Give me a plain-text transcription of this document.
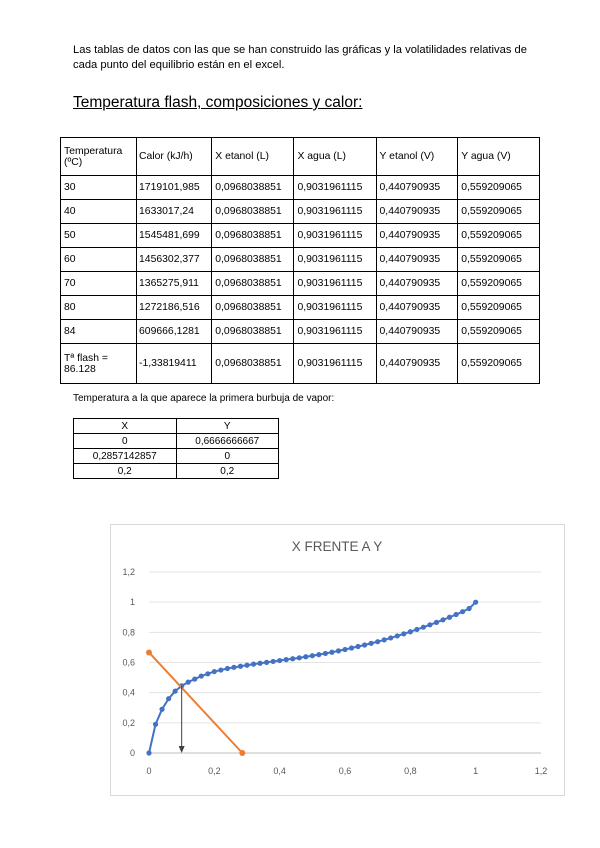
Las tablas de datos con las que se han construido las gráficas y la volatilidades relativas de cada punto del equilibrio están en el excel.

Temperatura flash, composiciones y calor:
Temperatura (ºC)	Calor (kJ/h)	X etanol (L)	X agua (L)	Y etanol (V)	Y agua (V)
30	1719101,985	0,0968038851	0,9031961115	0,440790935	0,559209065
40	1633017,24	0,0968038851	0,9031961115	0,440790935	0,559209065
50	1545481,699	0,0968038851	0,9031961115	0,440790935	0,559209065
60	1456302,377	0,0968038851	0,9031961115	0,440790935	0,559209065
70	1365275,911	0,0968038851	0,9031961115	0,440790935	0,559209065
80	1272186,516	0,0968038851	0,9031961115	0,440790935	0,559209065
84	609666,1281	0,0968038851	0,9031961115	0,440790935	0,559209065
Tª flash = 86.128	-1,33819411	0,0968038851	0,9031961115	0,440790935	0,559209065
Temperatura a la que aparece la primera burbuja de vapor:
X	Y
0	0,6666666667
0,2857142857	0
0,2	0,2
X FRENTE A Y
0
0,2
0,4
0,6
0,8
1
1,2
0	0,2	0,4	0,6	0,8	1	1,2
